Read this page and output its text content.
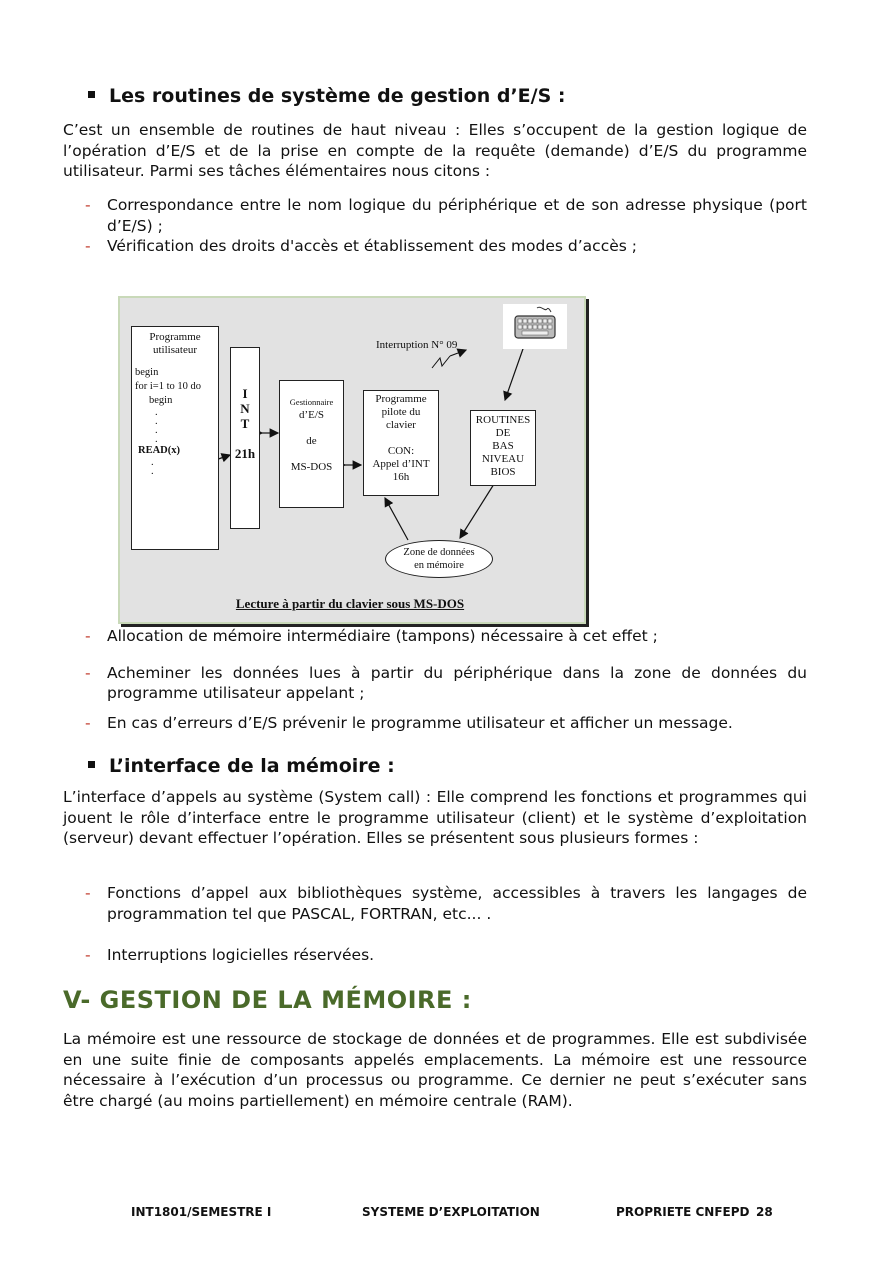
Les routines de système de gestion d’E/S :
C’est un ensemble de routines de haut niveau : Elles s’occupent de la gestion logique de l’opération d’E/S et de la prise en compte de la requête (demande) d’E/S du programme utilisateur. Parmi ses tâches élémentaires nous citons :
- Correspondance entre le nom logique du périphérique et de son adresse physique (port d’E/S) ;
- Vérification des droits d'accès et établissement des modes d’accès ;
Programme
utilisateur
begin
for i=1 to 10 do
begin
.
.
.
.
READ(x)
.
.
I
N
T
21h
Gestionnaire
d’E/S
de
MS-DOS
Programme
pilote du
clavier
CON:
Appel d’INT
16h
ROUTINES
DE
BAS
NIVEAU
BIOS
Interruption N° 09
Zone de données
en mémoire
Lecture à partir du clavier sous MS-DOS
- Allocation de mémoire intermédiaire (tampons) nécessaire à cet effet ;
- Acheminer les données lues à partir du périphérique dans la zone de données du programme utilisateur appelant ;
- En cas d’erreurs d’E/S prévenir le programme utilisateur et afficher un message.
L’interface de la mémoire :
L’interface d’appels au système (System call) : Elle comprend les fonctions et programmes qui jouent le rôle d’interface entre le programme utilisateur (client) et le système d’exploitation (serveur) devant effectuer l’opération. Elles se présentent sous plusieurs formes :
- Fonctions d’appel aux bibliothèques système, accessibles à travers les langages de programmation tel que PASCAL, FORTRAN, etc... .
- Interruptions logicielles réservées.
V- GESTION DE LA MÉMOIRE :
La mémoire est une ressource de stockage de données et de programmes. Elle est subdivisée en une suite finie de composants appelés emplacements. La mémoire est une ressource nécessaire à l’exécution d’un processus ou programme. Ce dernier ne peut s’exécuter sans être chargé (au moins partiellement) en mémoire centrale (RAM).
INT1801/SEMESTRE I	SYSTEME D’EXPLOITATION	PROPRIETE CNFEPD 28
